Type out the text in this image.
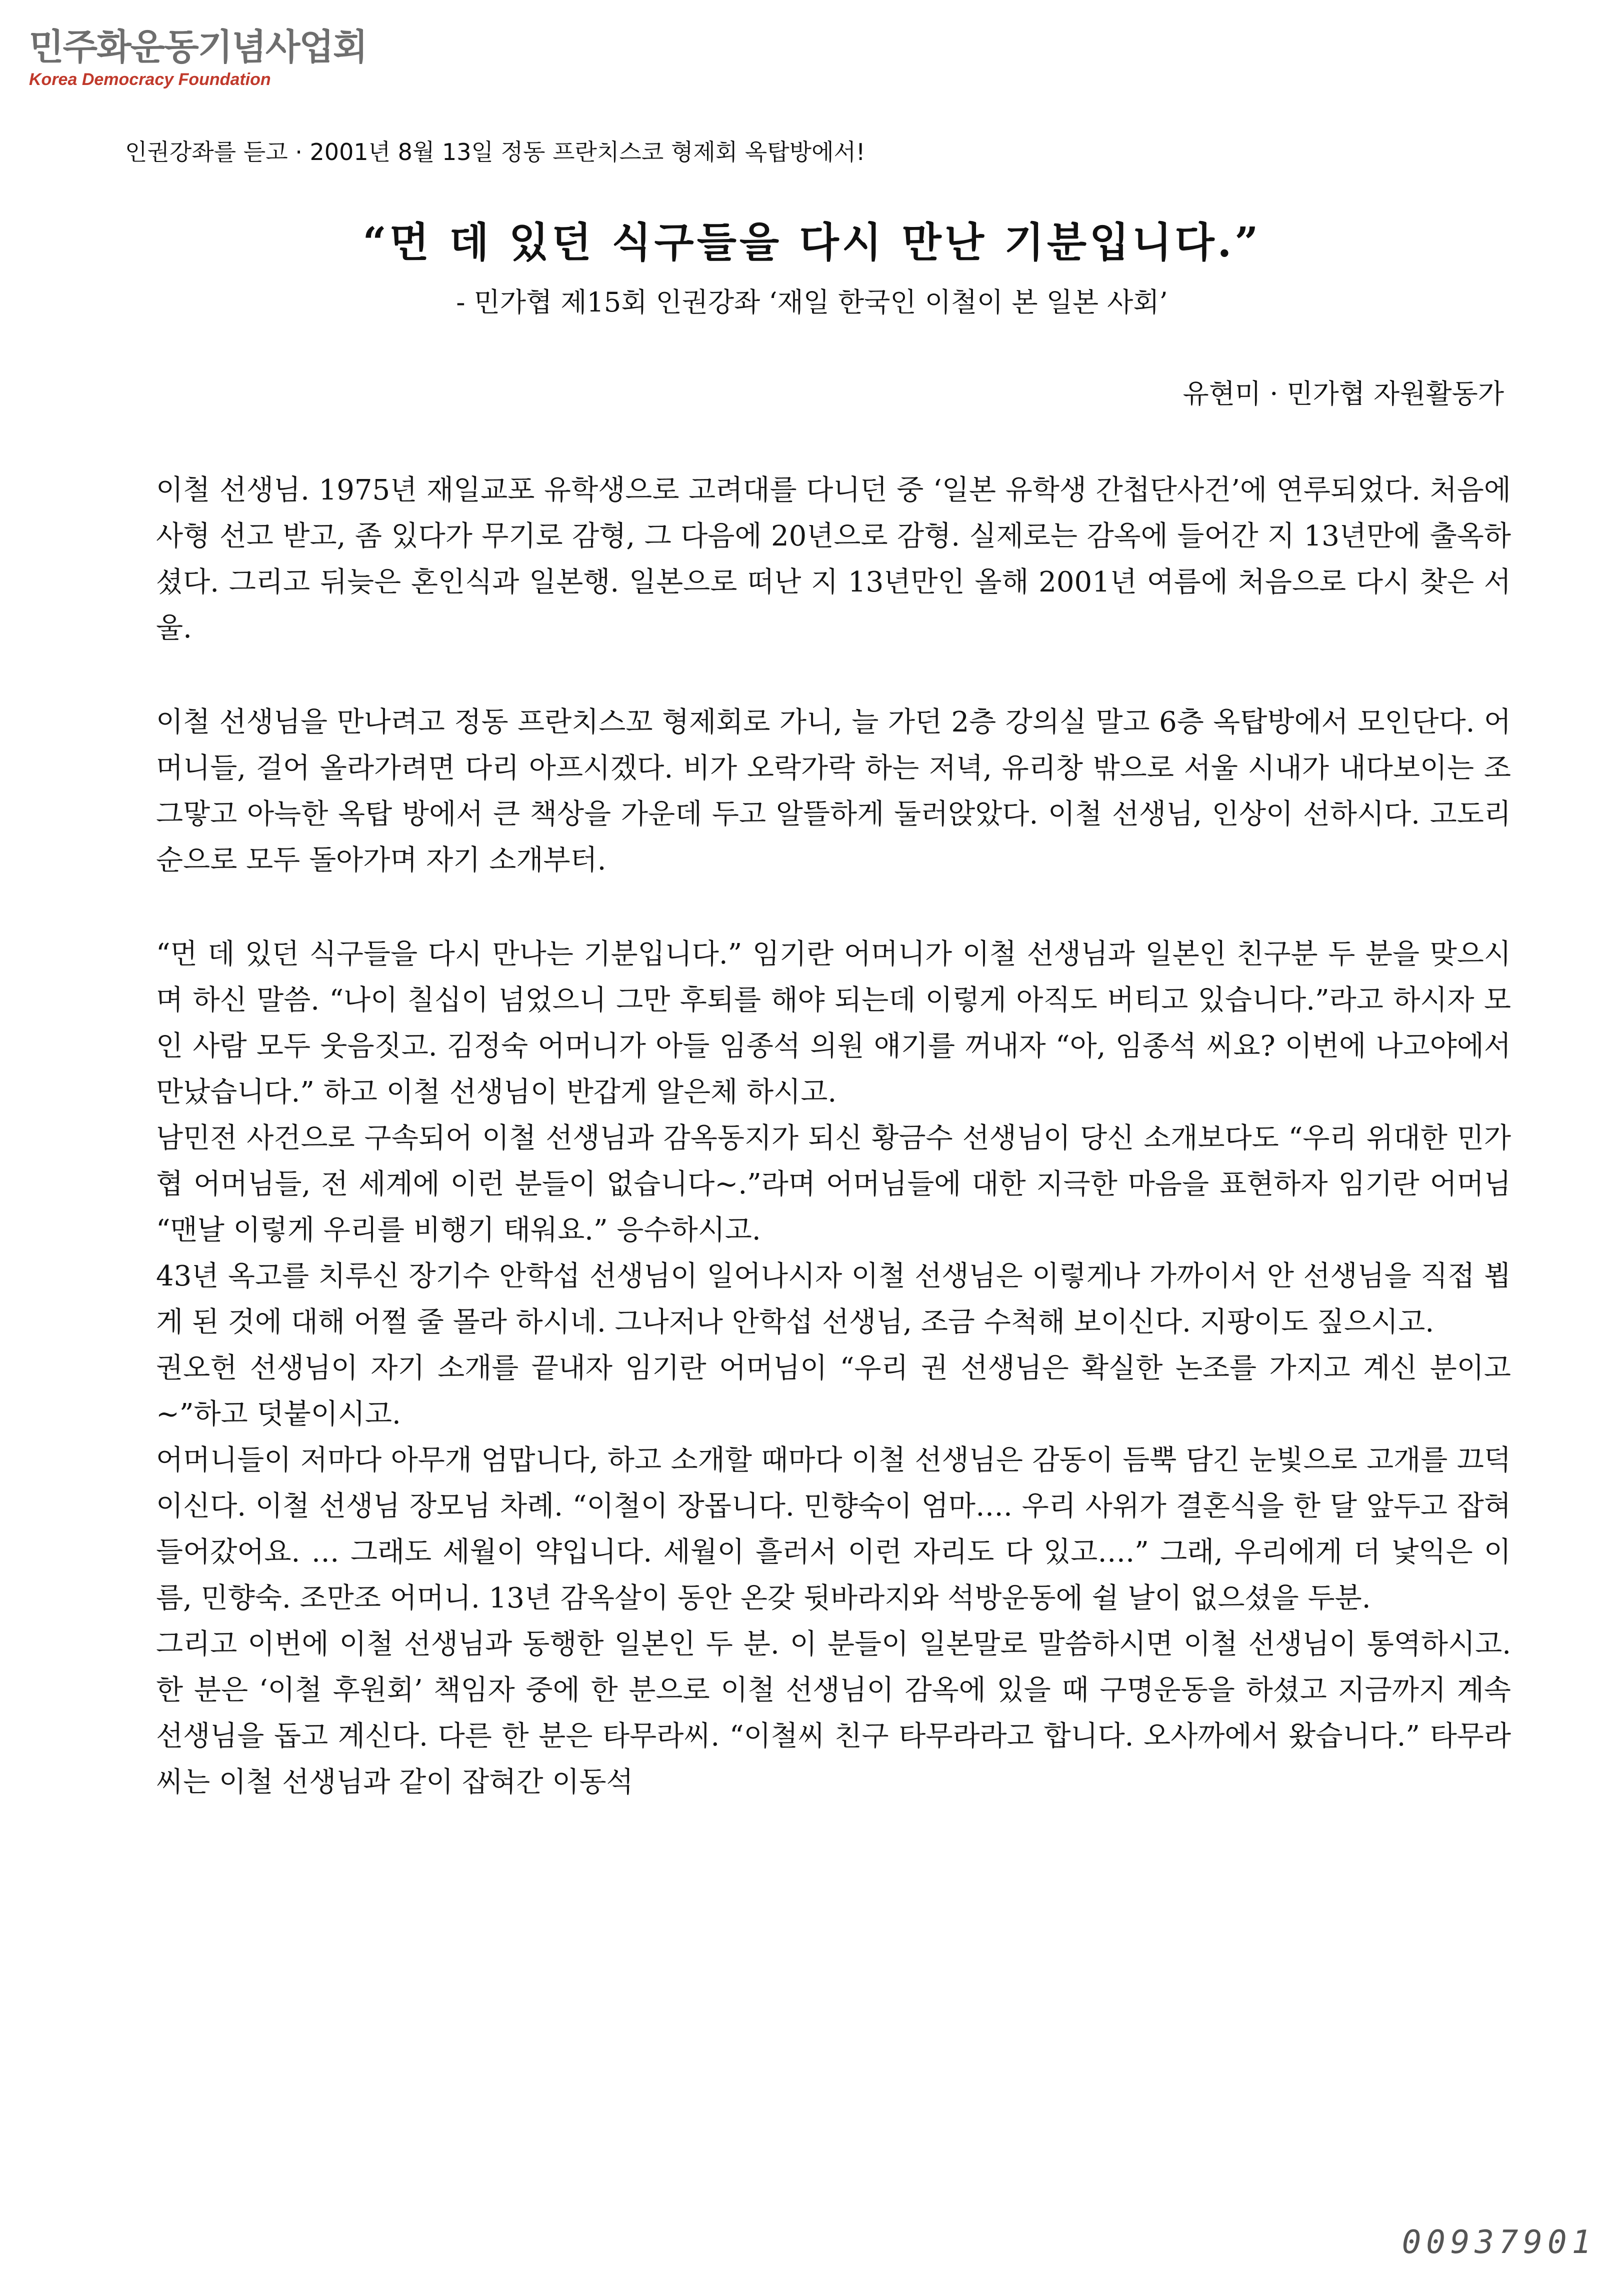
민주화운동기념사업회
Korea Democracy Foundation
인권강좌를 듣고 · 2001년 8월 13일 정동 프란치스코 형제회 옥탑방에서!
“먼 데 있던 식구들을 다시 만난 기분입니다.”
- 민가협 제15회 인권강좌 ‘재일 한국인 이철이 본 일본 사회’
유현미 · 민가협 자원활동가

이철 선생님. 1975년 재일교포 유학생으로 고려대를 다니던 중 ‘일본 유학생 간첩단사건’에 연루되었다. 처음에 사형 선고 받고, 좀 있다가 무기로 감형, 그 다음에 20년으로 감형. 실제로는 감옥에 들어간 지 13년만에 출옥하셨다. 그리고 뒤늦은 혼인식과 일본행. 일본으로 떠난 지 13년만인 올해 2001년 여름에 처음으로 다시 찾은 서울.

이철 선생님을 만나려고 정동 프란치스꼬 형제회로 가니, 늘 가던 2층 강의실 말고 6층 옥탑방에서 모인단다. 어머니들, 걸어 올라가려면 다리 아프시겠다. 비가 오락가락 하는 저녁, 유리창 밖으로 서울 시내가 내다보이는 조그맣고 아늑한 옥탑 방에서 큰 책상을 가운데 두고 알뜰하게 둘러앉았다. 이철 선생님, 인상이 선하시다. 고도리 순으로 모두 돌아가며 자기 소개부터.

“먼 데 있던 식구들을 다시 만나는 기분입니다.” 임기란 어머니가 이철 선생님과 일본인 친구분 두 분을 맞으시며 하신 말씀. “나이 칠십이 넘었으니 그만 후퇴를 해야 되는데 이렇게 아직도 버티고 있습니다.”라고 하시자 모인 사람 모두 웃음짓고. 김정숙 어머니가 아들 임종석 의원 얘기를 꺼내자 “아, 임종석 씨요? 이번에 나고야에서 만났습니다.” 하고 이철 선생님이 반갑게 알은체 하시고.

남민전 사건으로 구속되어 이철 선생님과 감옥동지가 되신 황금수 선생님이 당신 소개보다도 “우리 위대한 민가협 어머님들, 전 세계에 이런 분들이 없습니다~.”라며 어머님들에 대한 지극한 마음을 표현하자 임기란 어머님 “맨날 이렇게 우리를 비행기 태워요.” 응수하시고.

43년 옥고를 치루신 장기수 안학섭 선생님이 일어나시자 이철 선생님은 이렇게나 가까이서 안 선생님을 직접 뵙게 된 것에 대해 어쩔 줄 몰라 하시네. 그나저나 안학섭 선생님, 조금 수척해 보이신다. 지팡이도 짚으시고.

권오헌 선생님이 자기 소개를 끝내자 임기란 어머님이 “우리 권 선생님은 확실한 논조를 가지고 계신 분이고~”하고 덧붙이시고.

어머니들이 저마다 아무개 엄맙니다, 하고 소개할 때마다 이철 선생님은 감동이 듬뿍 담긴 눈빛으로 고개를 끄덕이신다. 이철 선생님 장모님 차례. “이철이 장몹니다. 민향숙이 엄마…. 우리 사위가 결혼식을 한 달 앞두고 잡혀들어갔어요. … 그래도 세월이 약입니다. 세월이 흘러서 이런 자리도 다 있고….” 그래, 우리에게 더 낯익은 이름, 민향숙. 조만조 어머니. 13년 감옥살이 동안 온갖 뒷바라지와 석방운동에 쉴 날이 없으셨을 두분.

그리고 이번에 이철 선생님과 동행한 일본인 두 분. 이 분들이 일본말로 말씀하시면 이철 선생님이 통역하시고. 한 분은 ‘이철 후원회’ 책임자 중에 한 분으로 이철 선생님이 감옥에 있을 때 구명운동을 하셨고 지금까지 계속 선생님을 돕고 계신다. 다른 한 분은 타무라씨. “이철씨 친구 타무라라고 합니다. 오사까에서 왔습니다.” 타무라 씨는 이철 선생님과 같이 잡혀간 이동석

00937901
